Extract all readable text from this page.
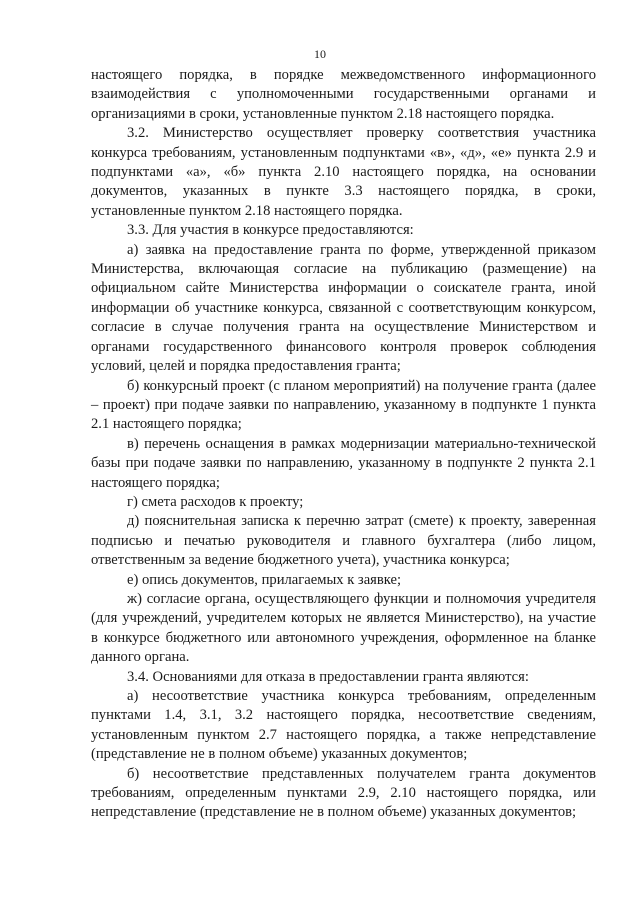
10

настоящего порядка, в порядке межведомственного информационного взаимодействия с уполномоченными государственными органами и организациями в сроки, установленные пунктом 2.18 настоящего порядка.

3.2. Министерство осуществляет проверку соответствия участника конкурса требованиям, установленным подпунктами «в», «д», «е» пункта 2.9 и подпунктами «а», «б» пункта 2.10 настоящего порядка, на основании документов, указанных в пункте 3.3 настоящего порядка, в сроки, установленные пунктом 2.18 настоящего порядка.

3.3. Для участия в конкурсе предоставляются:

а) заявка на предоставление гранта по форме, утвержденной приказом Министерства, включающая согласие на публикацию (размещение) на официальном сайте Министерства информации о соискателе гранта, иной информации об участнике конкурса, связанной с соответствующим конкурсом, согласие в случае получения гранта на осуществление Министерством и органами государственного финансового контроля проверок соблюдения условий, целей и порядка предоставления гранта;

б) конкурсный проект (с планом мероприятий) на получение гранта (далее – проект) при подаче заявки по направлению, указанному в подпункте 1 пункта 2.1 настоящего порядка;

в) перечень оснащения в рамках модернизации материально-технической базы при подаче заявки по направлению, указанному в подпункте 2 пункта 2.1 настоящего порядка;

г) смета расходов к проекту;

д) пояснительная записка к перечню затрат (смете) к проекту, заверенная подписью и печатью руководителя и главного бухгалтера (либо лицом, ответственным за ведение бюджетного учета), участника конкурса;

е) опись документов, прилагаемых к заявке;

ж) согласие органа, осуществляющего функции и полномочия учредителя (для учреждений, учредителем которых не является Министерство), на участие в конкурсе бюджетного или автономного учреждения, оформленное на бланке данного органа.

3.4. Основаниями для отказа в предоставлении гранта являются:

а) несоответствие участника конкурса требованиям, определенным пунктами 1.4, 3.1, 3.2 настоящего порядка, несоответствие сведениям, установленным пунктом 2.7 настоящего порядка, а также непредставление (представление не в полном объеме) указанных документов;

б) несоответствие представленных получателем гранта документов требованиям, определенным пунктами 2.9, 2.10 настоящего порядка, или непредставление (представление не в полном объеме) указанных документов;
